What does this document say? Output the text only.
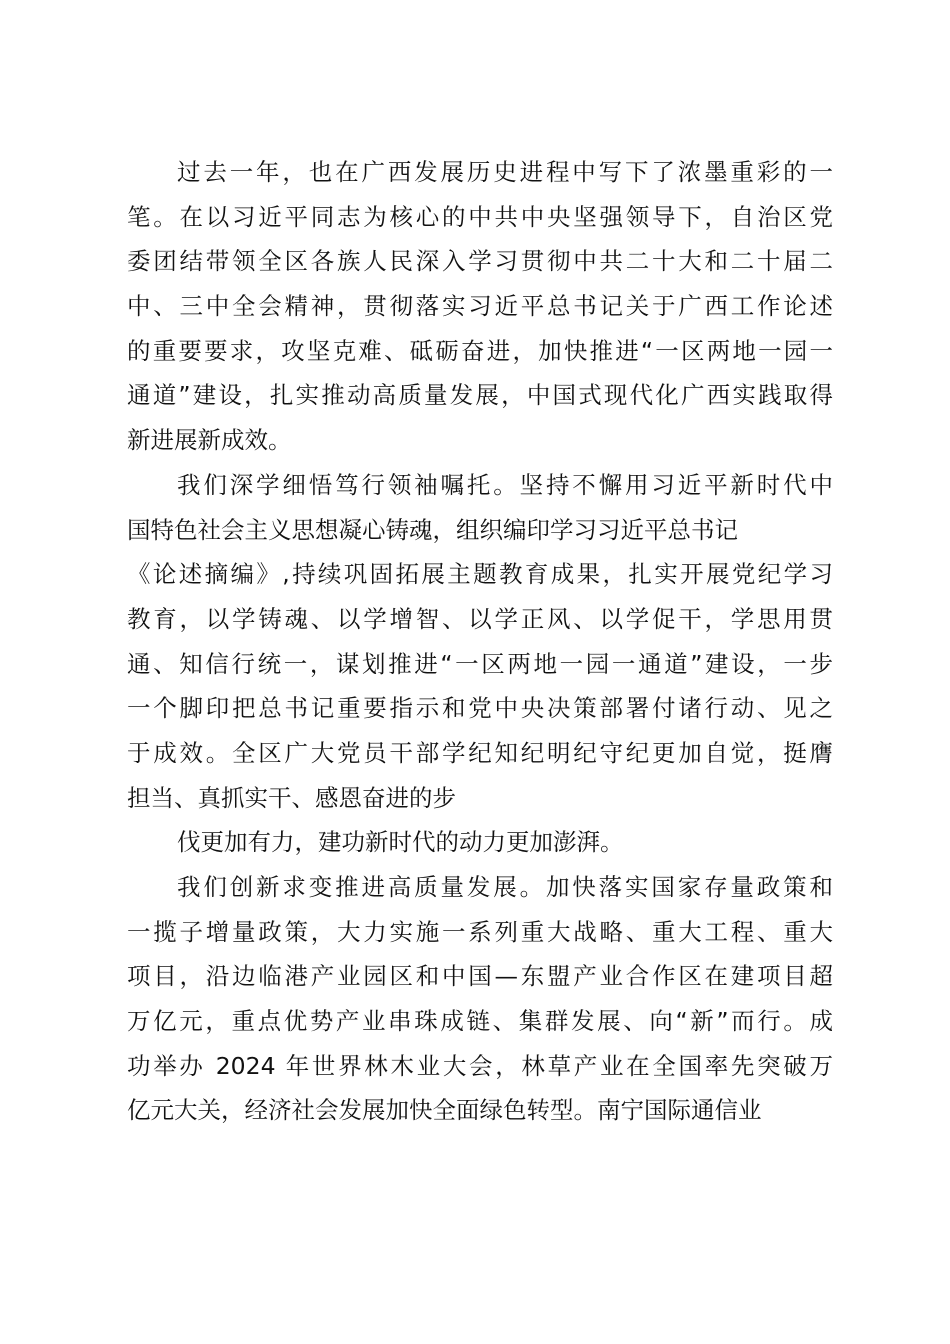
过去一年，也在广西发展历史进程中写下了浓墨重彩的一
笔。在以习近平同志为核心的中共中央坚强领导下，自治区党
委团结带领全区各族人民深入学习贯彻中共二十大和二十届二
中、三中全会精神，贯彻落实习近平总书记关于广西工作论述
的重要要求，攻坚克难、砥砺奋进，加快推进“一区两地一园一
通道”建设，扎实推动高质量发展，中国式现代化广西实践取得
新进展新成效。
我们深学细悟笃行领袖嘱托。坚持不懈用习近平新时代中
国特色社会主义思想凝心铸魂，组织编印学习习近平总书记
《论述摘编》,持续巩固拓展主题教育成果，扎实开展党纪学习
教育，以学铸魂、以学增智、以学正风、以学促干，学思用贯
通、知信行统一，谋划推进“一区两地一园一通道”建设，一步
一个脚印把总书记重要指示和党中央决策部署付诸行动、见之
于成效。全区广大党员干部学纪知纪明纪守纪更加自觉，挺膺
担当、真抓实干、感恩奋进的步
伐更加有力，建功新时代的动力更加澎湃。
我们创新求变推进高质量发展。加快落实国家存量政策和
一揽子增量政策，大力实施一系列重大战略、重大工程、重大
项目，沿边临港产业园区和中国—东盟产业合作区在建项目超
万亿元，重点优势产业串珠成链、集群发展、向“新”而行。成
功举办 2024 年世界林木业大会，林草产业在全国率先突破万
亿元大关，经济社会发展加快全面绿色转型。南宁国际通信业
